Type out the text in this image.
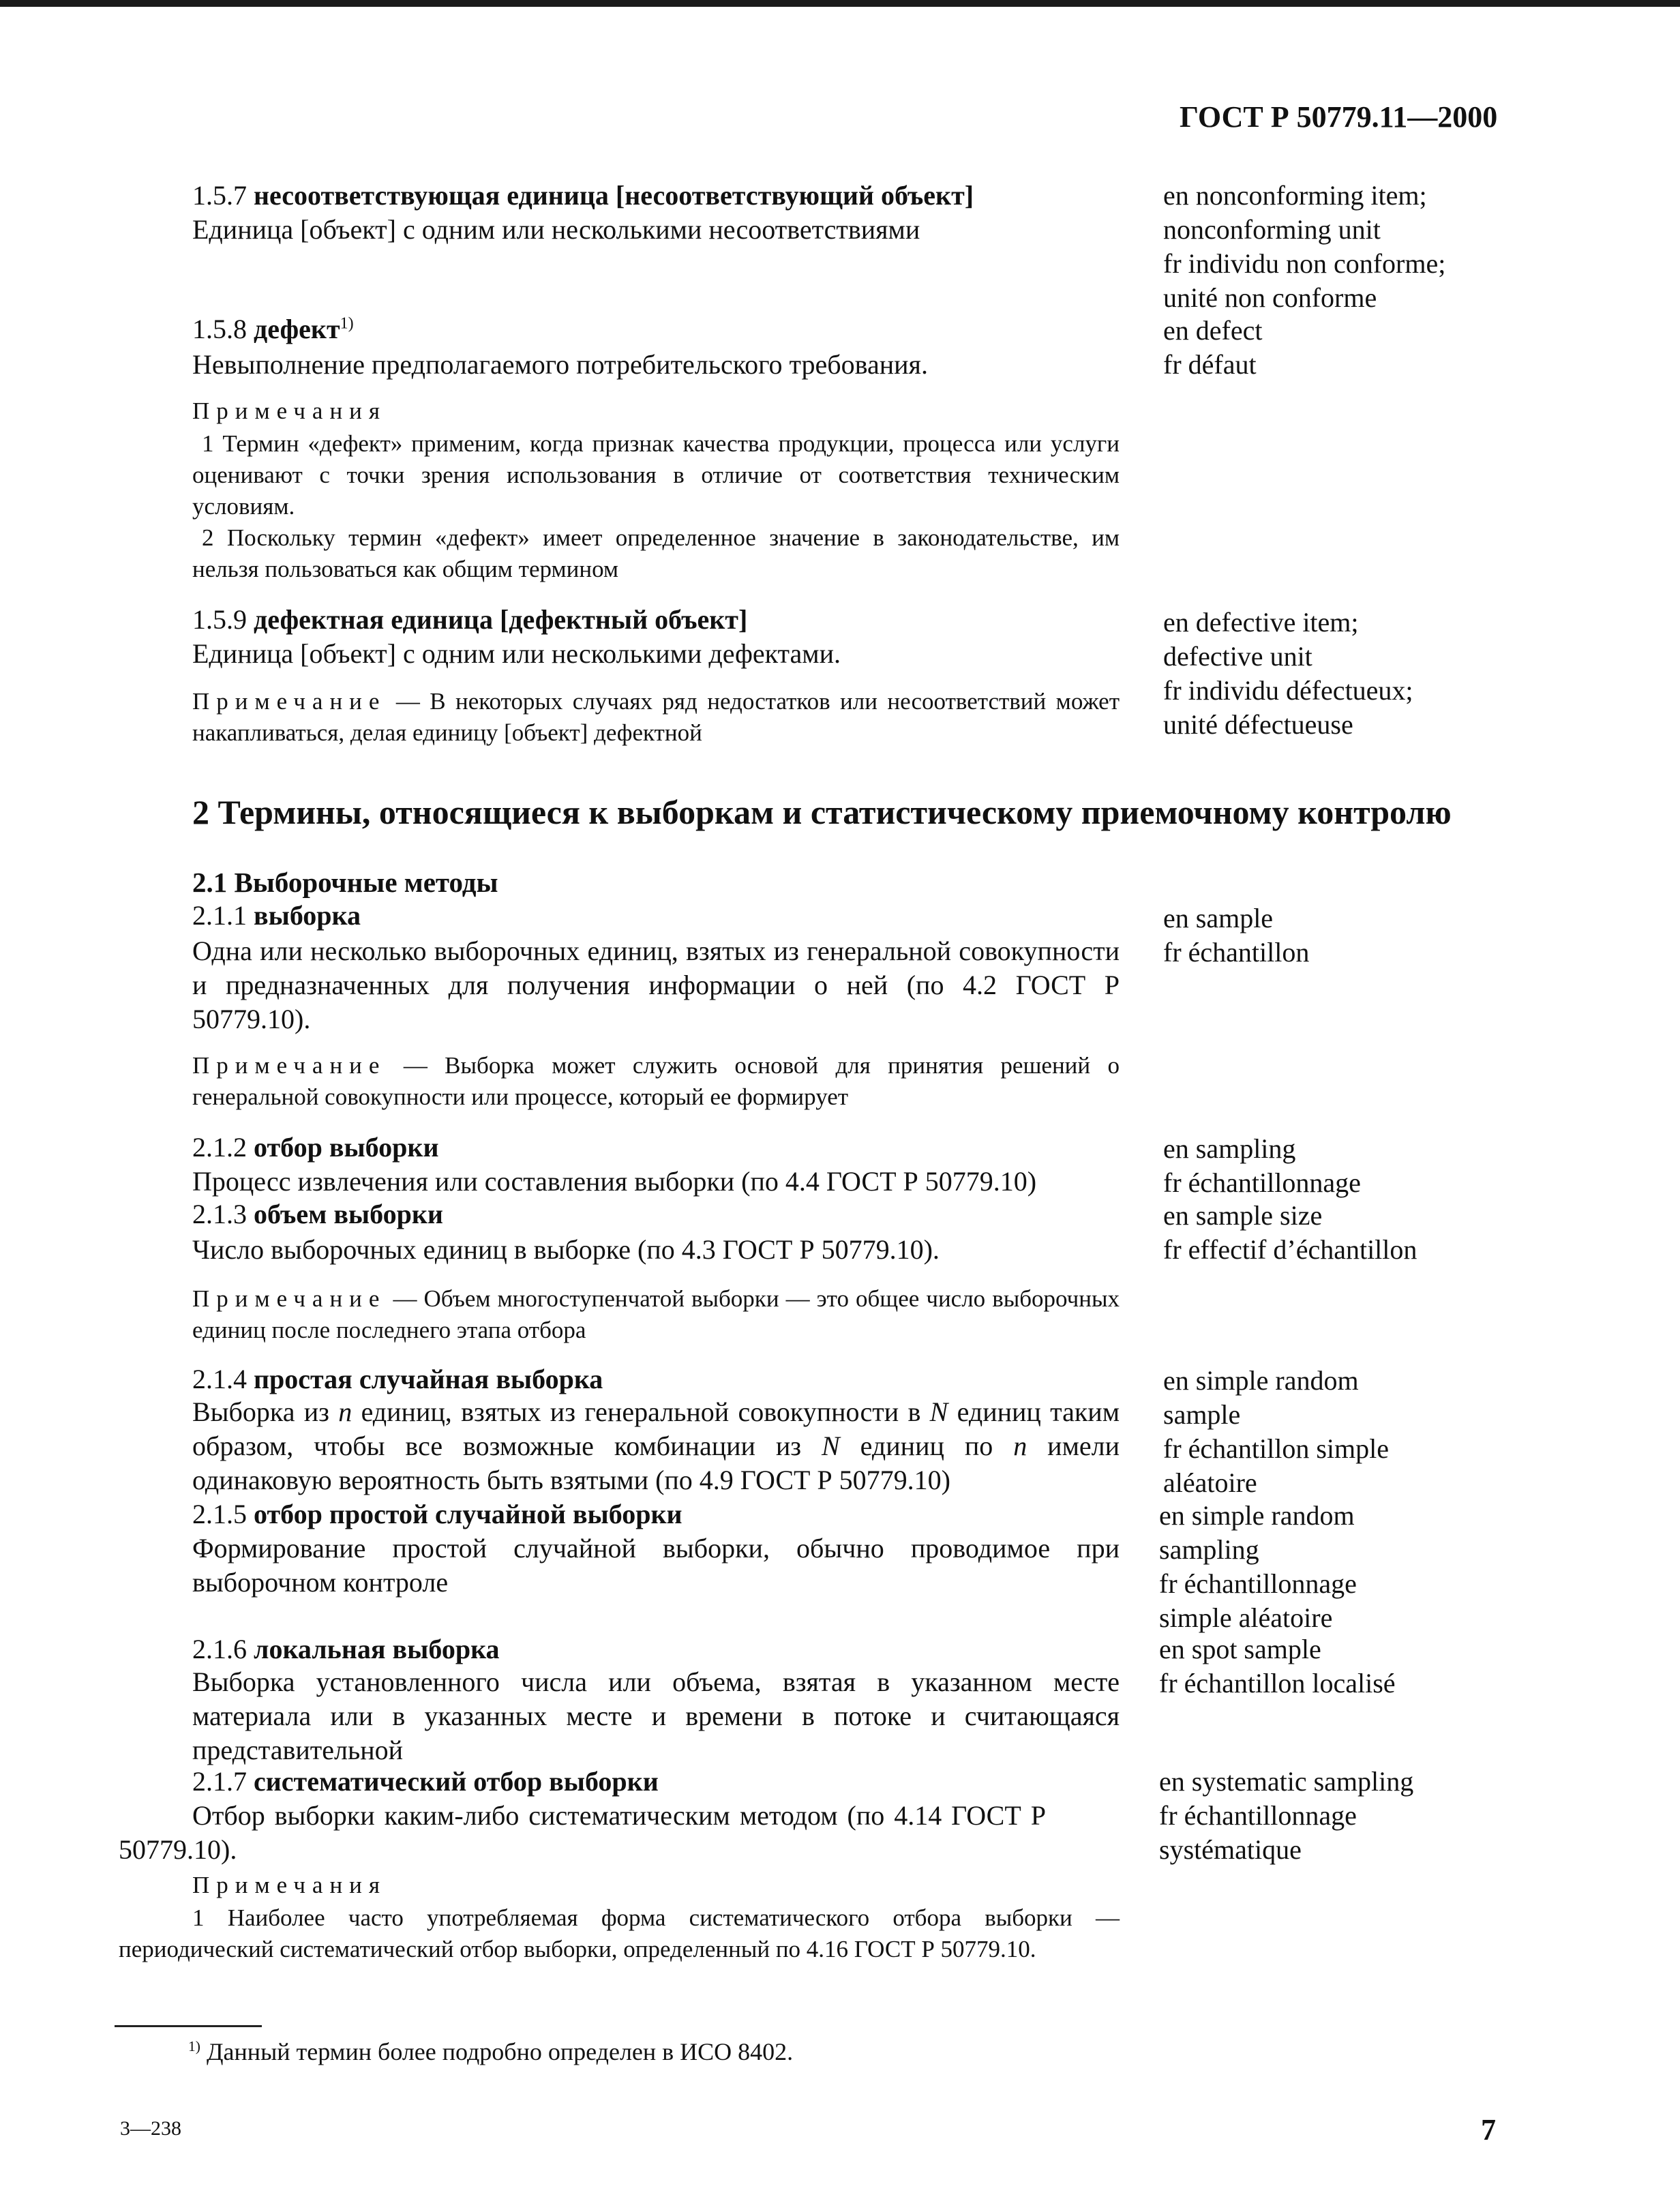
ГОСТ Р 50779.11—2000
1.5.7 несоответствующая единица [несоответствующий объект]
Единица [объект] с одним или несколькими несоответствиями
en nonconforming item;
nonconforming unit
fr individu non conforme;
unité non conforme
1.5.8 дефект$^{1)}$
Невыполнение предполагаемого потребительского требования.
en defect
fr défaut
Примечания
1 Термин «дефект» применим, когда признак качества продукции, процесса или услуги оценивают с точки зрения использования в отличие от соответствия техническим условиям.
2 Поскольку термин «дефект» имеет определенное значение в законодательстве, им нельзя пользоваться как общим термином
1.5.9 дефектная единица [дефектный объект]
Единица [объект] с одним или несколькими дефектами.
en defective item;
defective unit
fr individu défectueux;
unité défectueuse
Примечание — В некоторых случаях ряд недостатков или несоответствий может накапливаться, делая единицу [объект] дефектной
2 Термины, относящиеся к выборкам и статистическому приемочному контролю
2.1 Выборочные методы
2.1.1 выборка
Одна или несколько выборочных единиц, взятых из генеральной совокупности и предназначенных для получения информации о ней (по 4.2 ГОСТ Р 50779.10).
en sample
fr échantillon
Примечание — Выборка может служить основой для принятия решений о генеральной совокупности или процессе, который ее формирует
2.1.2 отбор выборки
Процесс извлечения или составления выборки (по 4.4 ГОСТ Р 50779.10)
en sampling
fr échantillonnage
2.1.3 объем выборки
Число выборочных единиц в выборке (по 4.3 ГОСТ Р 50779.10).
en sample size
fr effectif d’échantillon
Примечание — Объем многоступенчатой выборки — это общее число выборочных единиц после последнего этапа отбора
2.1.4 простая случайная выборка
Выборка из n единиц, взятых из генеральной совокупности в N единиц таким образом, чтобы все возможные комбинации из N единиц по n имели одинаковую вероятность быть взятыми (по 4.9 ГОСТ Р 50779.10)
en simple random
sample
fr échantillon simple
aléatoire
2.1.5 отбор простой случайной выборки
Формирование простой случайной выборки, обычно проводимое при выборочном контроле
en simple random
sampling
fr échantillonnage
simple aléatoire
2.1.6 локальная выборка
Выборка установленного числа или объема, взятая в указанном месте материала или в указанных месте и времени в потоке и считающаяся представительной
en spot sample
fr échantillon localisé
2.1.7 систематический отбор выборки
Отбор выборки каким-либо систематическим методом (по 4.14 ГОСТ Р 50779.10).
en systematic sampling
fr échantillonnage
systématique
Примечания
1 Наиболее часто употребляемая форма систематического отбора выборки — периодический систематический отбор выборки, определенный по 4.16 ГОСТ Р 50779.10.
$^{1)}$ Данный термин более подробно определен в ИСО 8402.
3—238	7
